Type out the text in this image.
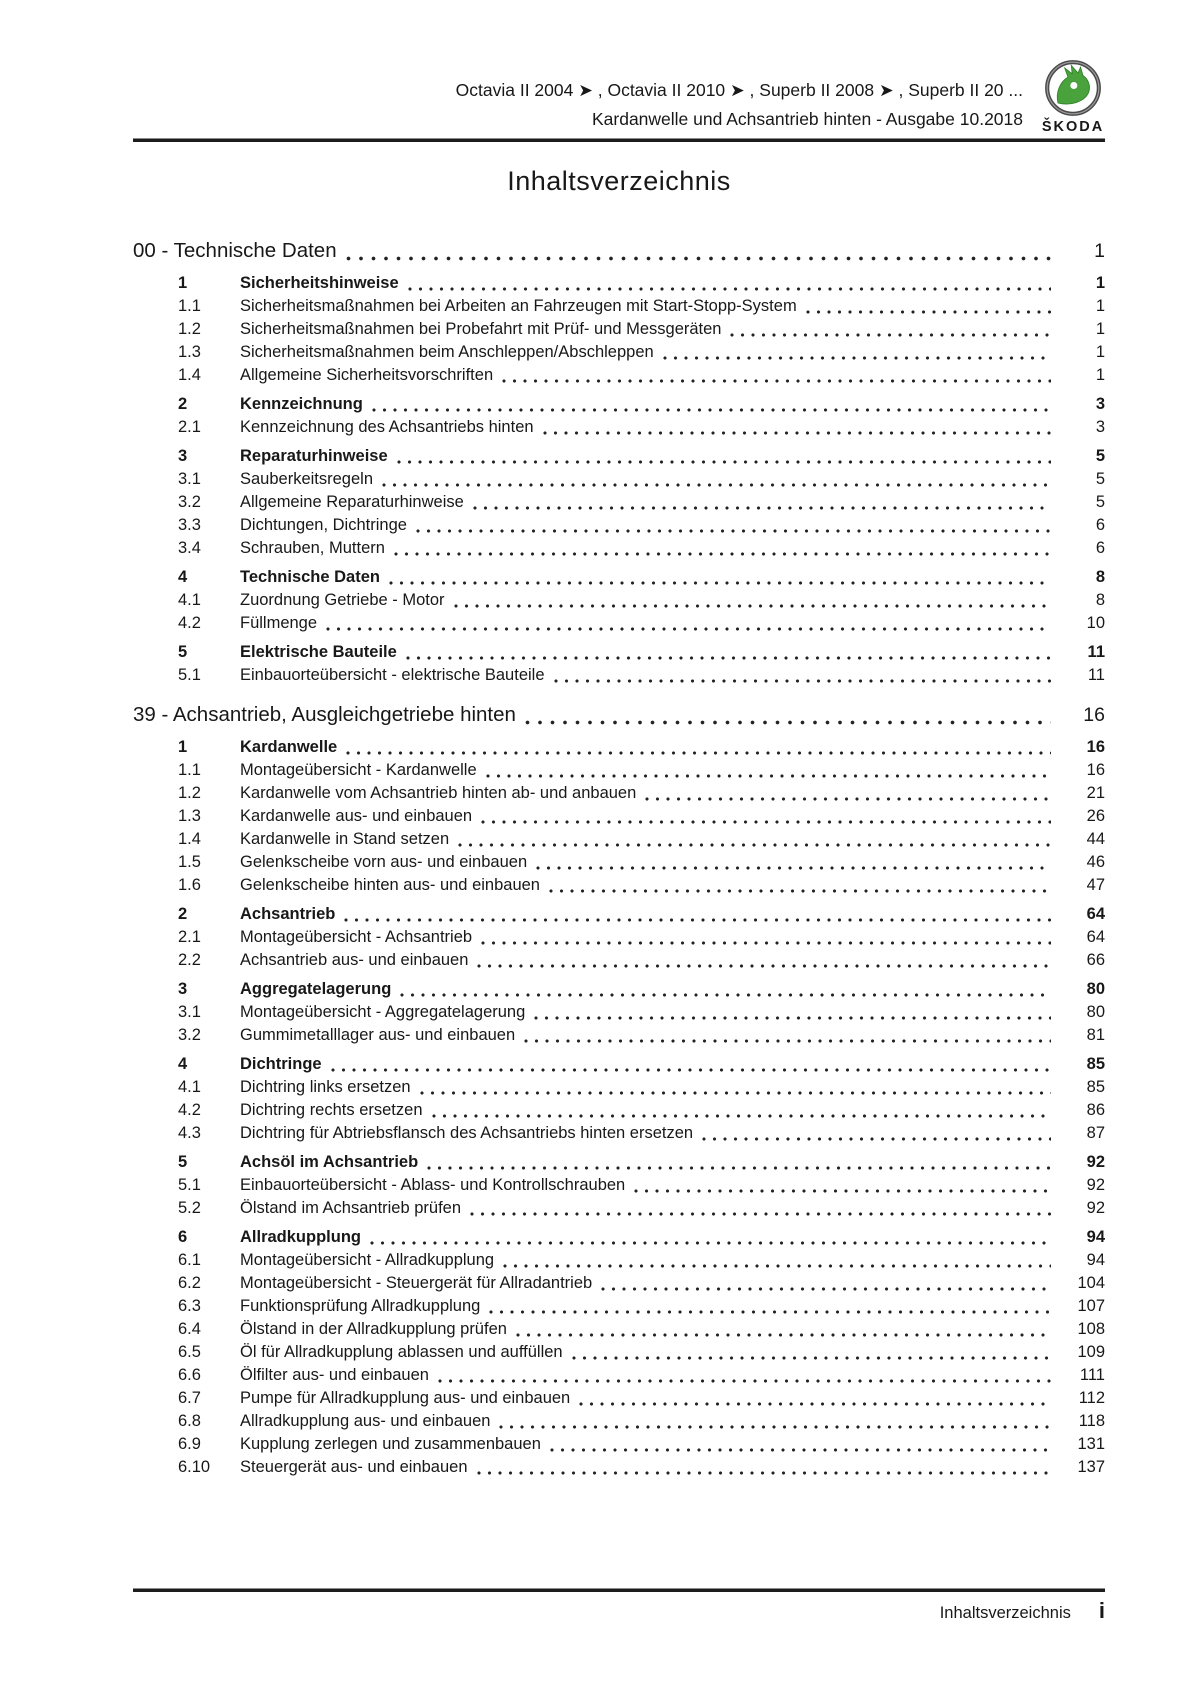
Octavia II 2004 ➤ , Octavia II 2010 ➤ , Superb II 2008 ➤ , Superb II 20 ...
Kardanwelle und Achsantrieb hinten - Ausgabe 10.2018 ŠKODA
Inhaltsverzeichnis
00 - Technische Daten	1
1	Sicherheitshinweise	1
1.1	Sicherheitsmaßnahmen bei Arbeiten an Fahrzeugen mit Start-Stopp-System	1
1.2	Sicherheitsmaßnahmen bei Probefahrt mit Prüf- und Messgeräten	1
1.3	Sicherheitsmaßnahmen beim Anschleppen/Abschleppen	1
1.4	Allgemeine Sicherheitsvorschriften	1
2	Kennzeichnung	3
2.1	Kennzeichnung des Achsantriebs hinten	3
3	Reparaturhinweise	5
3.1	Sauberkeitsregeln	5
3.2	Allgemeine Reparaturhinweise	5
3.3	Dichtungen, Dichtringe	6
3.4	Schrauben, Muttern	6
4	Technische Daten	8
4.1	Zuordnung Getriebe - Motor	8
4.2	Füllmenge	10
5	Elektrische Bauteile	11
5.1	Einbauorteübersicht - elektrische Bauteile	11
39 - Achsantrieb, Ausgleichgetriebe hinten	16
1	Kardanwelle	16
1.1	Montageübersicht - Kardanwelle	16
1.2	Kardanwelle vom Achsantrieb hinten ab- und anbauen	21
1.3	Kardanwelle aus- und einbauen	26
1.4	Kardanwelle in Stand setzen	44
1.5	Gelenkscheibe vorn aus- und einbauen	46
1.6	Gelenkscheibe hinten aus- und einbauen	47
2	Achsantrieb	64
2.1	Montageübersicht - Achsantrieb	64
2.2	Achsantrieb aus- und einbauen	66
3	Aggregatelagerung	80
3.1	Montageübersicht - Aggregatelagerung	80
3.2	Gummimetalllager aus- und einbauen	81
4	Dichtringe	85
4.1	Dichtring links ersetzen	85
4.2	Dichtring rechts ersetzen	86
4.3	Dichtring für Abtriebsflansch des Achsantriebs hinten ersetzen	87
5	Achsöl im Achsantrieb	92
5.1	Einbauorteübersicht - Ablass- und Kontrollschrauben	92
5.2	Ölstand im Achsantrieb prüfen	92
6	Allradkupplung	94
6.1	Montageübersicht - Allradkupplung	94
6.2	Montageübersicht - Steuergerät für Allradantrieb	104
6.3	Funktionsprüfung Allradkupplung	107
6.4	Ölstand in der Allradkupplung prüfen	108
6.5	Öl für Allradkupplung ablassen und auffüllen	109
6.6	Ölfilter aus- und einbauen	111
6.7	Pumpe für Allradkupplung aus- und einbauen	112
6.8	Allradkupplung aus- und einbauen	118
6.9	Kupplung zerlegen und zusammenbauen	131
6.10	Steuergerät aus- und einbauen	137
Inhaltsverzeichnis i
